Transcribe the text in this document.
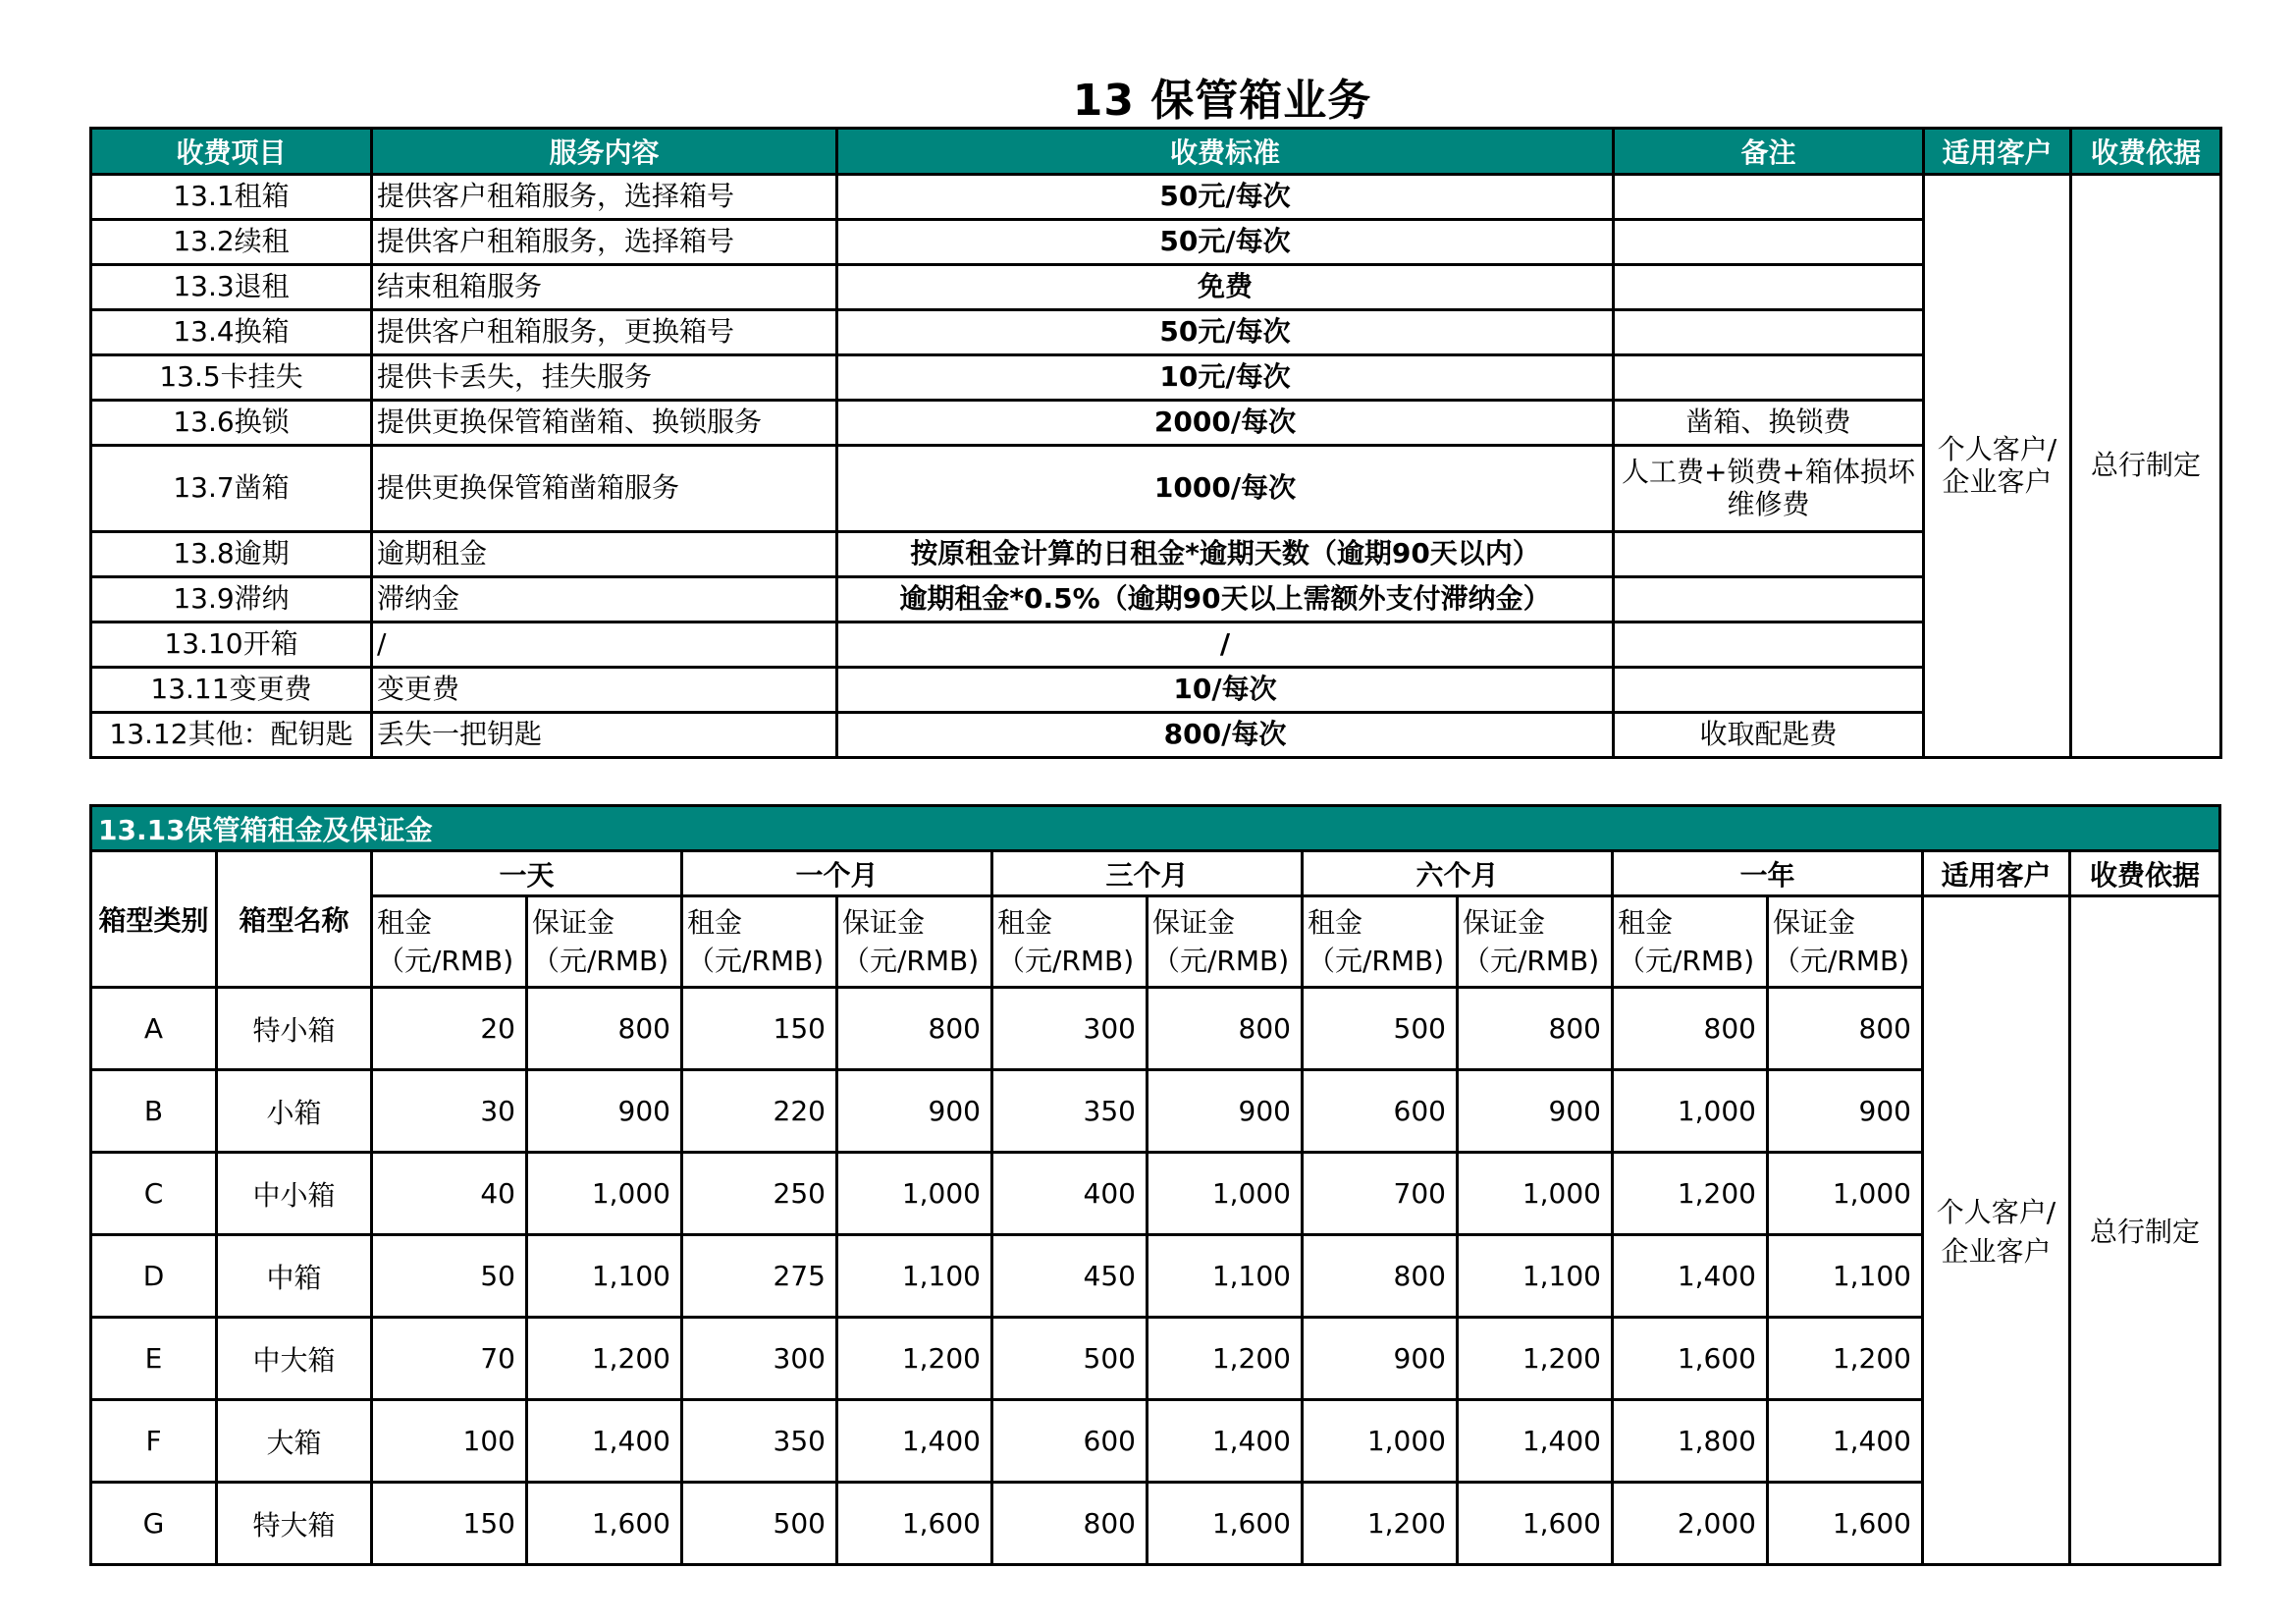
13 保管箱业务
收费项目	服务内容	收费标准	备注	适用客户	收费依据
13.1租箱	提供客户租箱服务，选择箱号	50元/每次		个人客户/企业客户	总行制定
13.2续租	提供客户租箱服务，选择箱号	50元/每次			
13.3退租	结束租箱服务	免费			
13.4换箱	提供客户租箱服务，更换箱号	50元/每次			
13.5卡挂失	提供卡丢失，挂失服务	10元/每次			
13.6换锁	提供更换保管箱凿箱、换锁服务	2000/每次	凿箱、换锁费		
13.7凿箱	提供更换保管箱凿箱服务	1000/每次	人工费+锁费+箱体损坏维修费		
13.8逾期	逾期租金	按原租金计算的日租金*逾期天数（逾期90天以内）			
13.9滞纳	滞纳金	逾期租金*0.5%（逾期90天以上需额外支付滞纳金）			
13.10开箱	/	/			
13.11变更费	变更费	10/每次			
13.12其他：配钥匙	丢失一把钥匙	800/每次	收取配匙费		
13.13保管箱租金及保证金													
箱型类别	箱型名称	一天		一个月		三个月		六个月		一年		适用客户	收费依据
		租金（元/RMB)	保证金（元/RMB)	租金（元/RMB)	保证金（元/RMB)	租金（元/RMB)	保证金（元/RMB)	租金（元/RMB)	保证金（元/RMB)	租金（元/RMB)	保证金（元/RMB)	个人客户/企业客户	总行制定
A	特小箱	20	800	150	800	300	800	500	800	800	800		
B	小箱	30	900	220	900	350	900	600	900	1,000	900		
C	中小箱	40	1,000	250	1,000	400	1,000	700	1,000	1,200	1,000		
D	中箱	50	1,100	275	1,100	450	1,100	800	1,100	1,400	1,100		
E	中大箱	70	1,200	300	1,200	500	1,200	900	1,200	1,600	1,200		
F	大箱	100	1,400	350	1,400	600	1,400	1,000	1,400	1,800	1,400		
G	特大箱	150	1,600	500	1,600	800	1,600	1,200	1,600	2,000	1,600		
